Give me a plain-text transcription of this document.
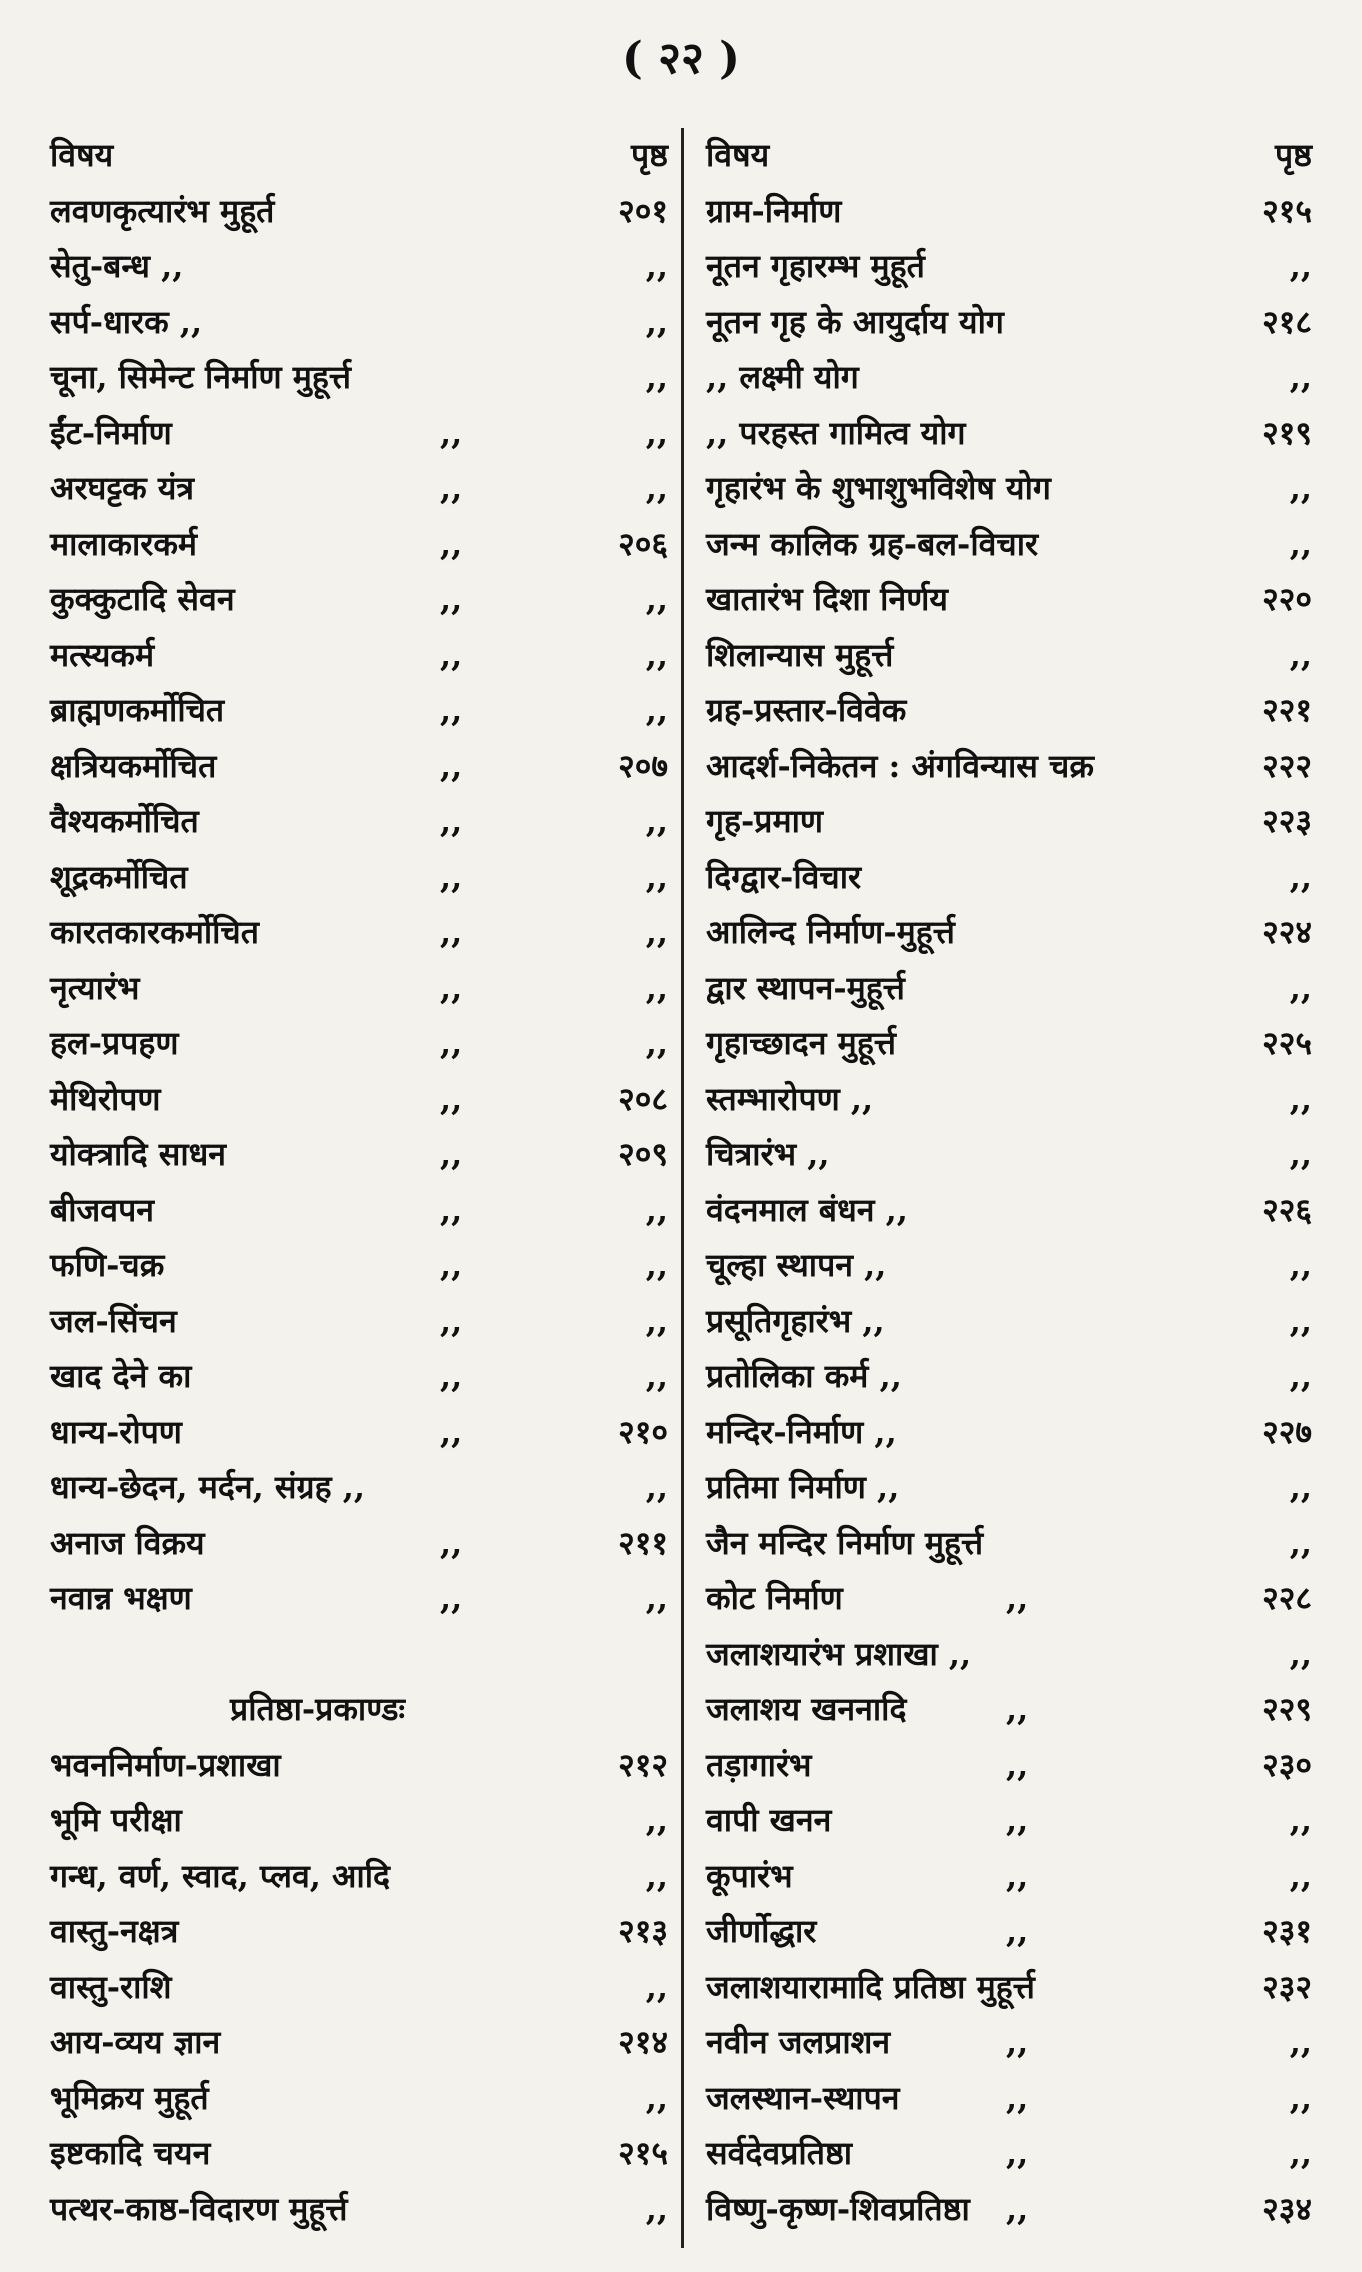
( २२ )
विषय	पृष्ठ
लवणकृत्यारंभ मुहूर्त	२०१
सेतु-बन्ध ,,	,,
सर्प-धारक ,,	,,
चूना, सिमेन्ट निर्माण मुहूर्त्त	,,
ईंट-निर्माण	,,	,,
अरघट्टक यंत्र	,,	,,
मालाकारकर्म	,,	२०६
कुक्कुटादि सेवन	,,	,,
मत्स्यकर्म	,,	,,
ब्राह्मणकर्मोचित	,,	,,
क्षत्रियकर्मोचित	,,	२०७
वैश्यकर्मोचित	,,	,,
शूद्रकर्मोचित	,,	,,
कारतकारकर्मोचित	,,	,,
नृत्यारंभ	,,	,,
हल-प्रपहण	,,	,,
मेथिरोपण	,,	२०८
योक्त्रादि साधन	,,	२०९
बीजवपन	,,	,,
फणि-चक्र	,,	,,
जल-सिंचन	,,	,,
खाद देने का	,,	,,
धान्य-रोपण	,,	२१०
धान्य-छेदन, मर्दन, संग्रह ,,	,,
अनाज विक्रय	,,	२११
नवान्न भक्षण	,,	,,
प्रतिष्ठा-प्रकाण्डः
भवननिर्माण-प्रशाखा	२१२
भूमि परीक्षा	,,
गन्ध, वर्ण, स्वाद, प्लव, आदि	,,
वास्तु-नक्षत्र	२१३
वास्तु-राशि	,,
आय-व्यय ज्ञान	२१४
भूमिक्रय मुहूर्त	,,
इष्टकादि चयन	२१५
पत्थर-काष्ठ-विदारण मुहूर्त्त	,,
विषय	पृष्ठ
ग्राम-निर्माण	२१५
नूतन गृहारम्भ मुहूर्त	,,
नूतन गृह के आयुर्दाय योग	२१८
,, लक्ष्मी योग	,,
,, परहस्त गामित्व योग	२१९
गृहारंभ के शुभाशुभविशेष योग	,,
जन्म कालिक ग्रह-बल-विचार	,,
खातारंभ दिशा निर्णय	२२०
शिलान्यास मुहूर्त्त	,,
ग्रह-प्रस्तार-विवेक	२२१
आदर्श-निकेतन : अंगविन्यास चक्र	२२२
गृह-प्रमाण	२२३
दिग्द्वार-विचार	,,
आलिन्द निर्माण-मुहूर्त्त	२२४
द्वार स्थापन-मुहूर्त्त	,,
गृहाच्छादन मुहूर्त्त	२२५
स्तम्भारोपण ,,	,,
चित्रारंभ ,,	,,
वंदनमाल बंधन ,,	२२६
चूल्हा स्थापन ,,	,,
प्रसूतिगृहारंभ ,,	,,
प्रतोलिका कर्म ,,	,,
मन्दिर-निर्माण ,,	२२७
प्रतिमा निर्माण ,,	,,
जैन मन्दिर निर्माण मुहूर्त्त	,,
कोट निर्माण	,,	२२८
जलाशयारंभ प्रशाखा ,,	,,
जलाशय खननादि	,,	२२९
तड़ागारंभ	,,	२३०
वापी खनन	,,	,,
कूपारंभ	,,	,,
जीर्णोद्धार	,,	२३१
जलाशयारामादि प्रतिष्ठा मुहूर्त्त	२३२
नवीन जलप्राशन	,,	,,
जलस्थान-स्थापन	,,	,,
सर्वदेवप्रतिष्ठा	,,	,,
विष्णु-कृष्ण-शिवप्रतिष्ठा ,,	२३४
